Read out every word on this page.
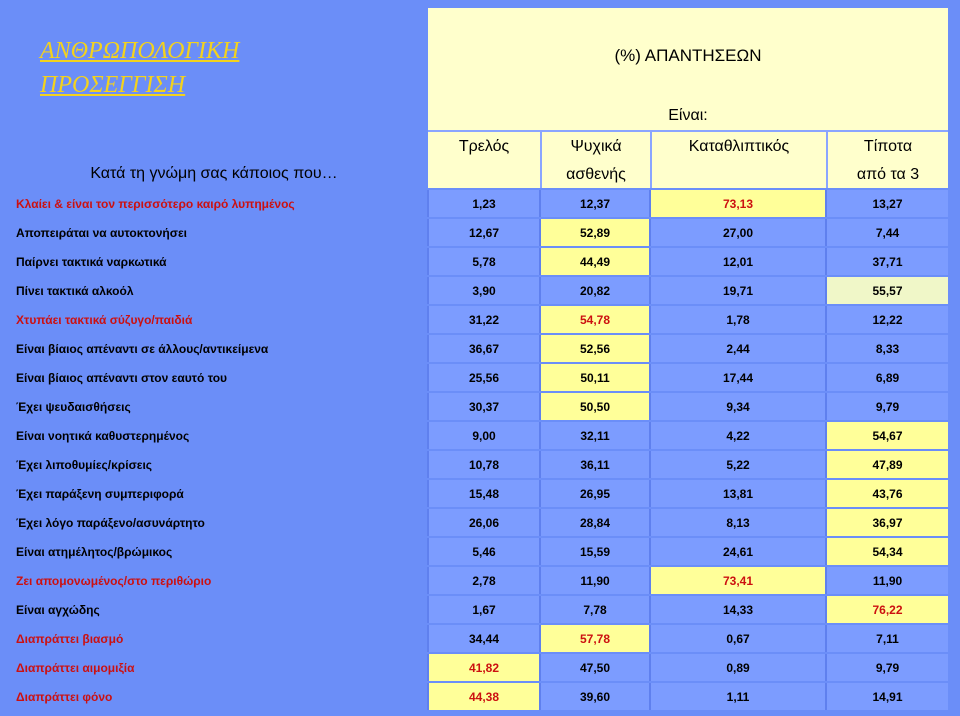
ΑΝΘΡΩΠΟΛΟΓΙΚΗ
ΠΡΟΣΕΓΓΙΣΗ
(%) ΑΠΑΝΤΗΣΕΩΝ
Είναι:
Τρελός	Ψυχικά
ασθενής
Καταθλιπτικός	Τίποτα
από τα 3
Κατά τη γνώμη σας κάποιος που…
Κλαίει & είναι τον περισσότερο καιρό λυπημένος	1,23	12,37	73,13	13,27
Αποπειράται να αυτοκτονήσει	12,67	52,89	27,00	7,44
Παίρνει τακτικά ναρκωτικά	5,78	44,49	12,01	37,71
Πίνει τακτικά αλκοόλ	3,90	20,82	19,71	55,57
Χτυπάει τακτικά σύζυγο/παιδιά	31,22	54,78	1,78	12,22
Είναι βίαιος απέναντι σε άλλους/αντικείμενα	36,67	52,56	2,44	8,33
Είναι βίαιος απέναντι στον εαυτό του	25,56	50,11	17,44	6,89
Έχει ψευδαισθήσεις	30,37	50,50	9,34	9,79
Είναι νοητικά καθυστερημένος	9,00	32,11	4,22	54,67
Έχει λιποθυμίες/κρίσεις	10,78	36,11	5,22	47,89
Έχει παράξενη συμπεριφορά	15,48	26,95	13,81	43,76
Έχει λόγο παράξενο/ασυνάρτητο	26,06	28,84	8,13	36,97
Είναι ατημέλητος/βρώμικος	5,46	15,59	24,61	54,34
Ζει απομονωμένος/στο περιθώριο	2,78	11,90	73,41	11,90
Είναι αγχώδης	1,67	7,78	14,33	76,22
Διαπράττει βιασμό	34,44	57,78	0,67	7,11
Διαπράττει αιμομιξία	41,82	47,50	0,89	9,79
Διαπράττει φόνο	44,38	39,60	1,11	14,91
